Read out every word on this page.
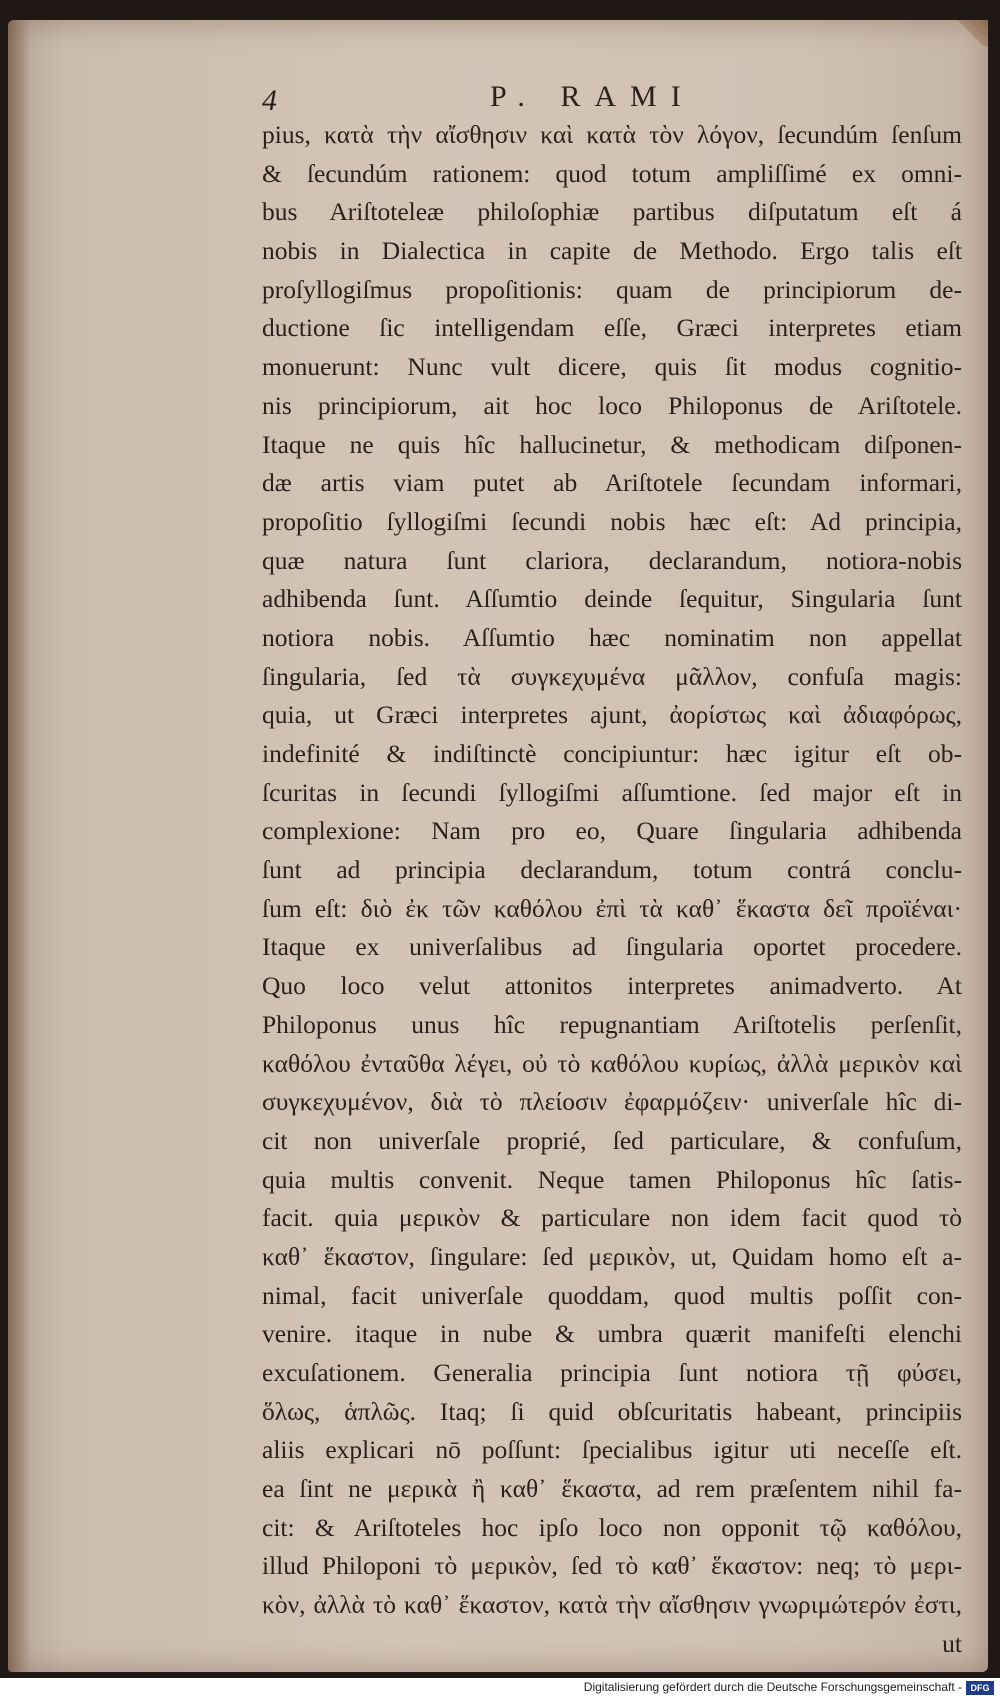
4	P. RAMI
pius, κατὰ τὴν αἴσθησιν καὶ κατὰ τὸν λόγον, ſecundúm ſenſum
& ſecundúm rationem: quod totum ampliſſimé ex omni-
bus Ariſtoteleæ philoſophiæ partibus diſputatum eſt á
nobis in Dialectica in capite de Methodo. Ergo talis eſt
proſyllogiſmus propoſitionis: quam de principiorum de-
ductione ſic intelligendam eſſe, Græci interpretes etiam
monuerunt: Nunc vult dicere, quis ſit modus cognitio-
nis principiorum, ait hoc loco Philoponus de Ariſtotele.
Itaque ne quis hîc hallucinetur, & methodicam diſponen-
dæ artis viam putet ab Ariſtotele ſecundam informari,
propoſitio ſyllogiſmi ſecundi nobis hæc eſt: Ad principia,
quæ natura ſunt clariora, declarandum, notiora-nobis
adhibenda ſunt. Aſſumtio deinde ſequitur, Singularia ſunt
notiora nobis. Aſſumtio hæc nominatim non appellat
ſingularia, ſed τὰ συγκεχυμένα μᾶλλον, confuſa magis:
quia, ut Græci interpretes ajunt, ἀορίστως καὶ ἀδιαφόρως,
indefinité & indiſtinctè concipiuntur: hæc igitur eſt ob-
ſcuritas in ſecundi ſyllogiſmi aſſumtione. ſed major eſt in
complexione: Nam pro eo, Quare ſingularia adhibenda
ſunt ad principia declarandum, totum contrá conclu-
ſum eſt: διὸ ἐκ τῶν καθόλου ἐπὶ τὰ καθ᾽ ἕκαστα δεῖ προϊέναι·
Itaque ex univerſalibus ad ſingularia oportet procedere.
Quo loco velut attonitos interpretes animadverto. At
Philoponus unus hîc repugnantiam Ariſtotelis perſenſit,
καθόλου ἐνταῦθα λέγει, οὐ τὸ καθόλου κυρίως, ἀλλὰ μερικὸν καὶ
συγκεχυμένον, διὰ τὸ πλείοσιν ἐφαρμόζειν· univerſale hîc di-
cit non univerſale proprié, ſed particulare, & confuſum,
quia multis convenit. Neque tamen Philoponus hîc ſatis-
facit. quia μερικὸν & particulare non idem facit quod τὸ
καθ᾽ ἕκαστον, ſingulare: ſed μερικὸν, ut, Quidam homo eſt a-
nimal, facit univerſale quoddam, quod multis poſſit con-
venire. itaque in nube & umbra quærit manifeſti elenchi
excuſationem. Generalia principia ſunt notiora τῇ φύσει,
ὅλως, ἁπλῶς. Itaq; ſi quid obſcuritatis habeant, principiis
aliis explicari nō poſſunt: ſpecialibus igitur uti neceſſe eſt.
ea ſint ne μερικὰ ἢ καθ᾽ ἕκαστα, ad rem præſentem nihil fa-
cit: & Ariſtoteles hoc ipſo loco non opponit τῷ καθόλου,
illud Philoponi τὸ μερικὸν, ſed τὸ καθ᾽ ἕκαστον: neq; τὸ μερι-
κὸν, ἀλλὰ τὸ καθ᾽ ἕκαστον, κατὰ τὴν αἴσθησιν γνωριμώτερόν ἐστι,
ut
Digitalisierung gefördert durch die Deutsche Forschungsgemeinschaft - DFG
